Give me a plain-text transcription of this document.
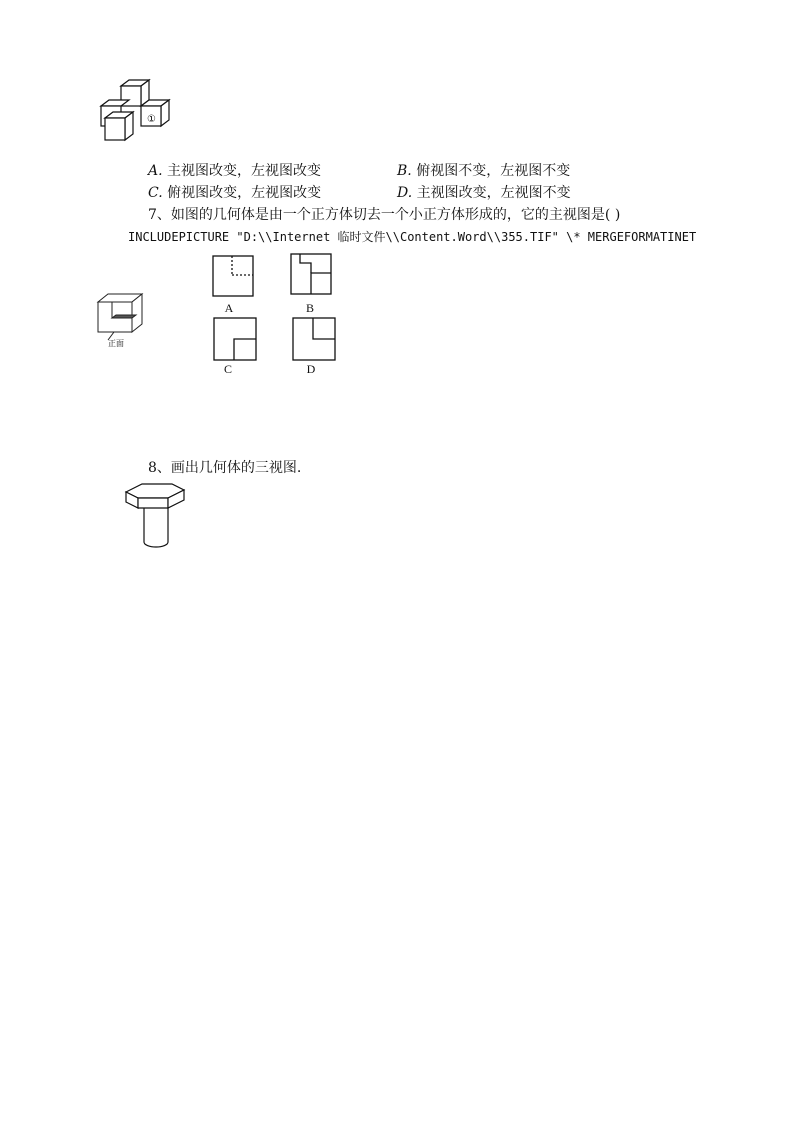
①
A. 主视图改变，左视图改变	B. 俯视图不变，左视图不变
C. 俯视图改变，左视图改变	D. 主视图改变，左视图不变
7、如图的几何体是由一个正方体切去一个小正方体形成的，它的主视图是( )
INCLUDEPICTURE "D:\\Internet 临时文件\\Content.Word\\355.TIF" \* MERGEFORMATINET
正面
A	B
C	D
8、画出几何体的三视图.
